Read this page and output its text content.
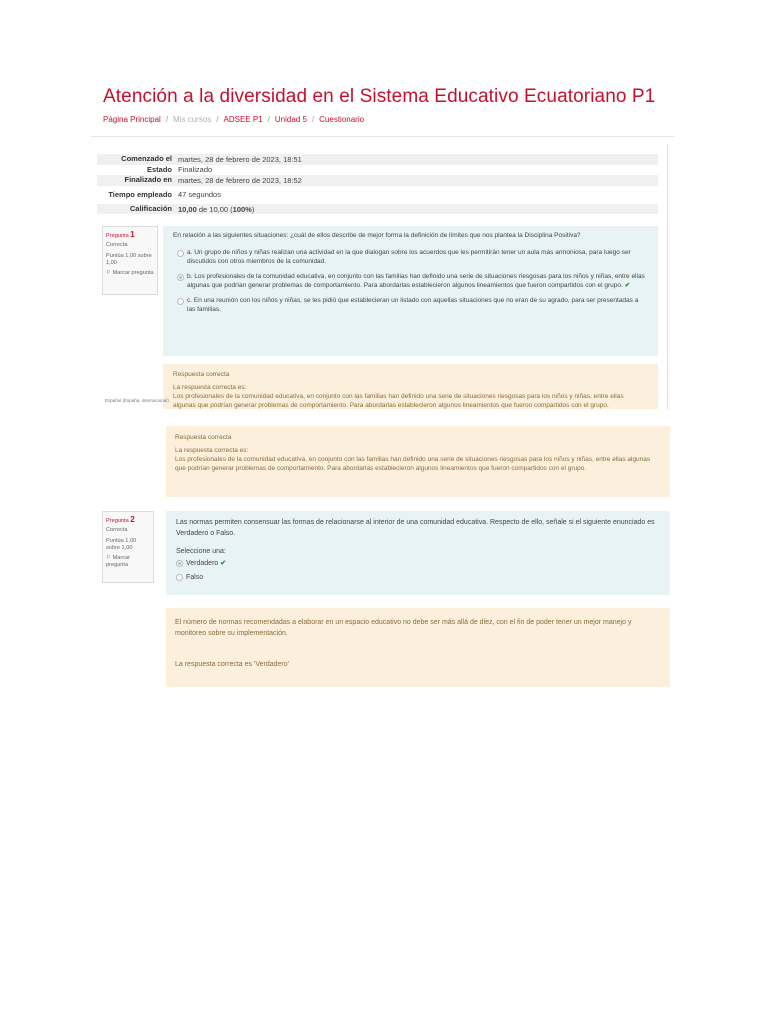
Atención a la diversidad en el Sistema Educativo Ecuatoriano P1
Página Principal / Mis cursos / ADSEE P1 / Unidad 5 / Cuestionario
Comenzado el martes, 28 de febrero de 2023, 18:51
Estado Finalizado
Finalizado en martes, 28 de febrero de 2023, 18:52
Tiempo empleado 47 segundos
Calificación 10,00 de 10,00 (100%)
Pregunta 1
Correcta
Puntúa 1,00 sobre 1,00
⚐ Marcar pregunta
En relación a las siguientes situaciones: ¿cuál de ellos describe de mejor forma la definición de límites que nos plantea la Disciplina Positiva?
a. Un grupo de niños y niñas realizan una actividad en la que dialogan sobre los acuerdos que les permitirán tener un aula más armoniosa, para luego ser discutidos con otros miembros de la comunidad.
b. Los profesionales de la comunidad educativa, en conjunto con las familias han definido una serie de situaciones riesgosas para los niños y niñas, entre ellas algunas que podrían generar problemas de comportamiento. Para abordarlas establecieron algunos lineamientos que fueron compartidos con el grupo. ✔
c. En una reunión con los niños y niñas, se les pidió que establecieran un listado con aquellas situaciones que no eran de su agrado, para ser presentadas a las familias.
Respuesta correcta
La respuesta correcta es:
Los profesionales de la comunidad educativa, en conjunto con las familias han definido una serie de situaciones riesgosas para los niños y niñas, entre ellas algunas que podrían generar problemas de comportamiento. Para abordarlas establecieron algunos lineamientos que fueron compartidos con el grupo.
Español (España, internacional)
Respuesta correcta
La respuesta correcta es:
Los profesionales de la comunidad educativa, en conjunto con las familias han definido una serie de situaciones riesgosas para los niños y niñas, entre ellas algunas que podrían generar problemas de comportamiento. Para abordarlas establecieron algunos lineamientos que fueron compartidos con el grupo.
Pregunta 2
Correcta
Puntúa 1,00 sobre 1,00
⚐ Marcar pregunta
Las normas permiten consensuar las formas de relacionarse al interior de una comunidad educativa. Respecto de ello, señale si el siguiente enunciado es Verdadero o Falso.
Seleccione una:
Verdadero
✔
Falso
El número de normas recomendadas a elaborar en un espacio educativo no debe ser más allá de diez, con el fin de poder tener un mejor manejo y monitoreo sobre su implementación.
La respuesta correcta es 'Verdadero'
